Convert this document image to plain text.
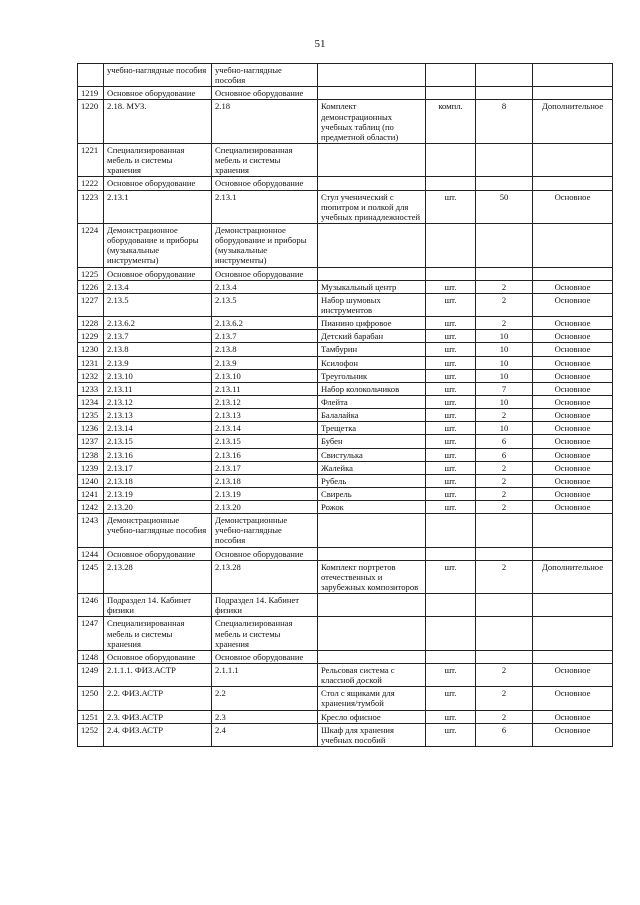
51
	учебно-наглядные пособия	учебно-наглядные пособия				
1219	Основное оборудование	Основное оборудование				
1220	2.18. МУЗ.	2.18	Комплект демонстрационных учебных таблиц (по предметной области)	компл.	8	Дополнительное
1221	Специализированная мебель и системы хранения	Специализированная мебель и системы хранения				
1222	Основное оборудование	Основное оборудование				
1223	2.13.1	2.13.1	Стул ученический с пюпитром и полкой для учебных принадлежностей	шт.	50	Основное
1224	Демонстрационное оборудование и приборы (музыкальные инструменты)	Демонстрационное оборудование и приборы (музыкальные инструменты)				
1225	Основное оборудование	Основное оборудование				
1226	2.13.4	2.13.4	Музыкальный центр	шт.	2	Основное
1227	2.13.5	2.13.5	Набор шумовых инструментов	шт.	2	Основное
1228	2.13.6.2	2.13.6.2	Пианино цифровое	шт.	2	Основное
1229	2.13.7	2.13.7	Детский барабан	шт.	10	Основное
1230	2.13.8	2.13.8	Тамбурин	шт.	10	Основное
1231	2.13.9	2.13.9	Ксилофон	шт.	10	Основное
1232	2.13.10	2.13.10	Треугольник	шт.	10	Основное
1233	2.13.11	2.13.11	Набор колокольчиков	шт.	7	Основное
1234	2.13.12	2.13.12	Флейта	шт.	10	Основное
1235	2.13.13	2.13.13	Балалайка	шт.	2	Основное
1236	2.13.14	2.13.14	Трещетка	шт.	10	Основное
1237	2.13.15	2.13.15	Бубен	шт.	6	Основное
1238	2.13.16	2.13.16	Свистулька	шт.	6	Основное
1239	2.13.17	2.13.17	Жалейка	шт.	2	Основное
1240	2.13.18	2.13.18	Рубель	шт.	2	Основное
1241	2.13.19	2.13.19	Свирель	шт.	2	Основное
1242	2.13.20	2.13.20	Рожок	шт.	2	Основное
1243	Демонстрационные учебно-наглядные пособия	Демонстрационные учебно-наглядные пособия				
1244	Основное оборудование	Основное оборудование				
1245	2.13.28	2.13.28	Комплект портретов отечественных и зарубежных композиторов	шт.	2	Дополнительное
1246	Подраздел 14. Кабинет физики	Подраздел 14. Кабинет физики				
1247	Специализированная мебель и системы хранения	Специализированная мебель и системы хранения				
1248	Основное оборудование	Основное оборудование				
1249	2.1.1.1. ФИЗ.АСТР	2.1.1.1	Рельсовая система с классной доской	шт.	2	Основное
1250	2.2. ФИЗ.АСТР	2.2	Стол с ящиками для хранения/тумбой	шт.	2	Основное
1251	2.3. ФИЗ.АСТР	2.3	Кресло офисное	шт.	2	Основное
1252	2.4. ФИЗ.АСТР	2.4	Шкаф для хранения учебных пособий	шт.	6	Основное
